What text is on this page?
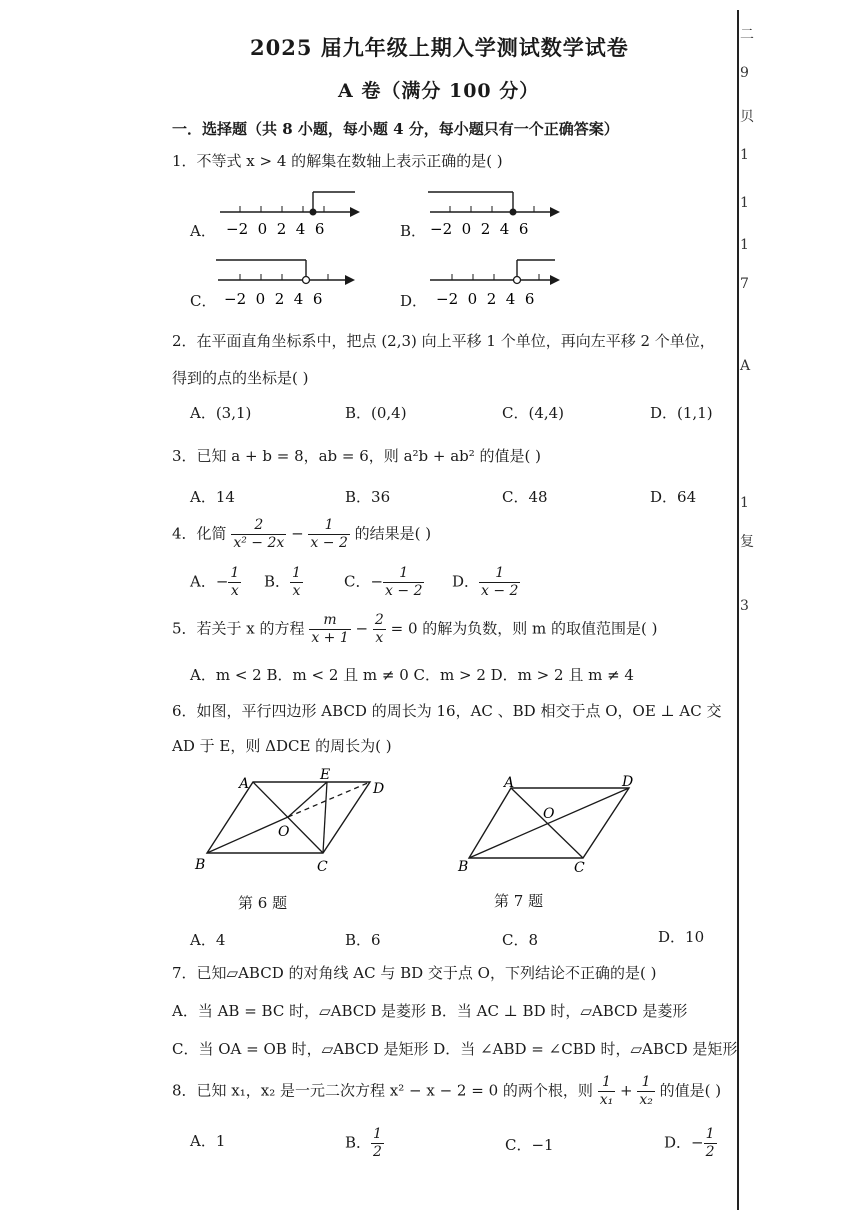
2025 届九年级上期入学测试数学试卷
A 卷（满分 100 分）
一．选择题（共 8 小题，每小题 4 分，每小题只有一个正确答案）
1．不等式 x > 4 的解集在数轴上表示正确的是( )
A． −2  0  2  4  6	B． −2  0  2  4  6
C． −2  0  2  4  6	D． −2  0  2  4  6
2．在平面直角坐标系中，把点 (2,3) 向上平移 1 个单位，再向左平移 2 个单位，
得到的点的坐标是( )
A．(3,1)	B．(0,4)	C．(4,4)	D．(1,1)
3．已知 a + b = 8，ab = 6，则 a²b + ab² 的值是( )
A．14	B．36	C．48	D．64
4．化简 $\frac{2}{\text{x² − 2x}} - \frac{1}{x - 2}$ 的结果是( )
A．− $\frac{1}{x}$ B． $\frac{1}{x}$	C．− $\frac{1}{x - 2}$ D． $\frac{1}{x - 2}$
5．若关于 x 的方程 $\frac{m}{x + 1} - \frac{2}{x} = 0$ 的解为负数，则 m 的取值范围是( )
A．m < 2 B．m < 2 且 m ≠ 0 C．m > 2 D．m > 2 且 m ≠ 4
6．如图，平行四边形 ABCD 的周长为 16，AC 、BD 相交于点 O，OE ⊥ AC 交
AD 于 E，则 ΔDCE 的周长为( )
A
E
D
O
B	C
第 6 题
A	D
O
B	C
第 7 题
A．4	B．6	C．8	D．10
7．已知▱ABCD 的对角线 AC 与 BD 交于点 O，下列结论不正确的是( )
A．当 AB = BC 时，▱ABCD 是菱形 B．当 AC ⊥ BD 时，▱ABCD 是菱形
C．当 OA = OB 时，▱ABCD 是矩形 D．当 ∠ABD = ∠CBD 时，▱ABCD 是矩形
8．已知 x₁，x₂ 是一元二次方程 x² − x − 2 = 0 的两个根，则 $\frac{1}{\text{x₁}} + \frac{1}{\text{x₂}}$ 的值是( )
A．1	B． $\frac{1}{2}$	C．−1	D．− $\frac{1}{2}$
二
9
贝
1
1
1
7
A
1
复
3
